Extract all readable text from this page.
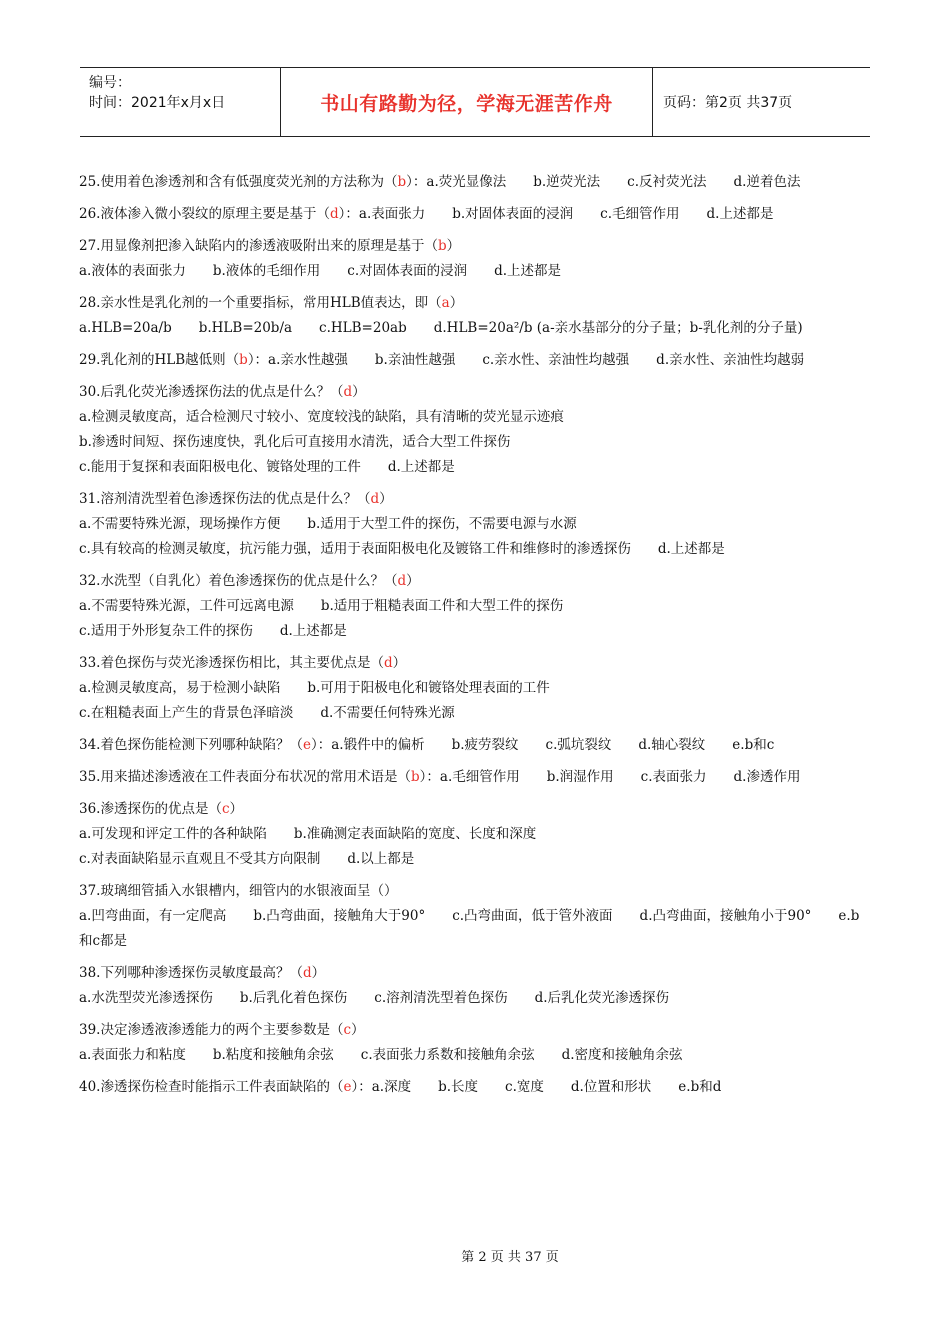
编号：
时间：2021年x月x日	书山有路勤为径，学海无涯苦作舟	页码：第2页 共37页
25.使用着色渗透剂和含有低强度荧光剂的方法称为（b）：a.荧光显像法　　b.逆荧光法　　c.反衬荧光法　　d.逆着色法
26.液体渗入微小裂纹的原理主要是基于（d）：a.表面张力　　b.对固体表面的浸润　　c.毛细管作用　　d.上述都是
27.用显像剂把渗入缺陷内的渗透液吸附出来的原理是基于（b）
a.液体的表面张力　　b.液体的毛细作用　　c.对固体表面的浸润　　d.上述都是
28.亲水性是乳化剂的一个重要指标，常用HLB值表达，即（a）
a.HLB=20a/b　　b.HLB=20b/a　　c.HLB=20ab　　d.HLB=20a²/b (a-亲水基部分的分子量；b-乳化剂的分子量)
29.乳化剂的HLB越低则（b）：a.亲水性越强　　b.亲油性越强　　c.亲水性、亲油性均越强　　d.亲水性、亲油性均越弱
30.后乳化荧光渗透探伤法的优点是什么？（d）
a.检测灵敏度高，适合检测尺寸较小、宽度较浅的缺陷，具有清晰的荧光显示迹痕
b.渗透时间短、探伤速度快，乳化后可直接用水清洗，适合大型工件探伤
c.能用于复探和表面阳极电化、镀铬处理的工件　　d.上述都是
31.溶剂清洗型着色渗透探伤法的优点是什么？（d）
a.不需要特殊光源，现场操作方便　　b.适用于大型工件的探伤，不需要电源与水源
c.具有较高的检测灵敏度，抗污能力强，适用于表面阳极电化及镀铬工件和维修时的渗透探伤　　d.上述都是
32.水洗型（自乳化）着色渗透探伤的优点是什么？（d）
a.不需要特殊光源，工件可远离电源　　b.适用于粗糙表面工件和大型工件的探伤
c.适用于外形复杂工件的探伤　　d.上述都是
33.着色探伤与荧光渗透探伤相比，其主要优点是（d）
a.检测灵敏度高，易于检测小缺陷　　b.可用于阳极电化和镀铬处理表面的工件
c.在粗糙表面上产生的背景色泽暗淡　　d.不需要任何特殊光源
34.着色探伤能检测下列哪种缺陷？（e）：a.锻件中的偏析　　b.疲劳裂纹　　c.弧坑裂纹　　d.轴心裂纹　　e.b和c
35.用来描述渗透液在工件表面分布状况的常用术语是（b）：a.毛细管作用　　b.润湿作用　　c.表面张力　　d.渗透作用
36.渗透探伤的优点是（c）
a.可发现和评定工件的各种缺陷　　b.准确测定表面缺陷的宽度、长度和深度
c.对表面缺陷显示直观且不受其方向限制　　d.以上都是
37.玻璃细管插入水银槽内，细管内的水银液面呈（）
a.凹弯曲面，有一定爬高　　b.凸弯曲面，接触角大于90°　　c.凸弯曲面，低于管外液面　　d.凸弯曲面，接触角小于90°　　e.b和c都是
38.下列哪种渗透探伤灵敏度最高？（d）
a.水洗型荧光渗透探伤　　b.后乳化着色探伤　　c.溶剂清洗型着色探伤　　d.后乳化荧光渗透探伤
39.决定渗透液渗透能力的两个主要参数是（c）
a.表面张力和粘度　　b.粘度和接触角余弦　　c.表面张力系数和接触角余弦　　d.密度和接触角余弦
40.渗透探伤检查时能指示工件表面缺陷的（e）：a.深度　　b.长度　　c.宽度　　d.位置和形状　　e.b和d
第 2 页 共 37 页
